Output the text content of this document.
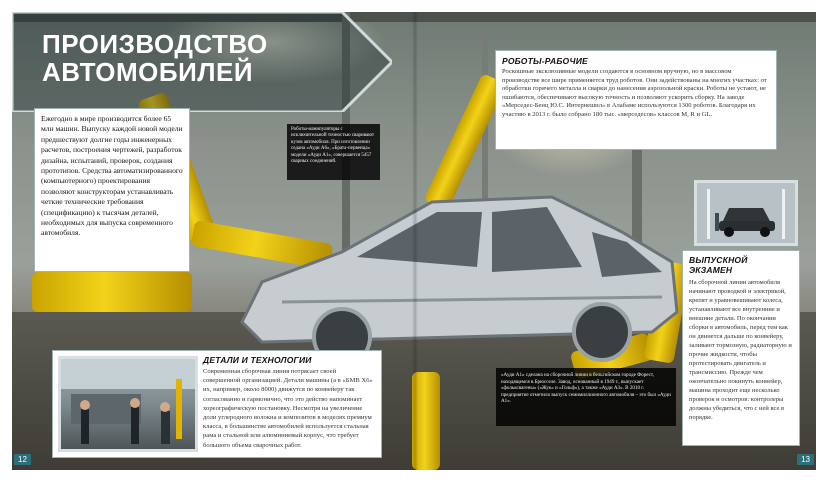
ПРОИЗВОДСТВО
АВТОМОБИЛЕЙ
Ежегодно в мире производится более 65 млн машин. Выпуску каждой новой модели предшествуют долгие годы инженерных расчетов, построения чертежей, разработок дизайна, испытаний, проверок, создания прототипов. Средства автоматизированного (компьютерного) проектирования позволяют конструкторам устанавливать четкие технические требования (спецификацию) к тысячам деталей, необходимых для выпуска современного автомобиля.
Роботы-манипуляторы с исключительной точностью сваривают кузов автомобиля. При изготовлении седана «Ауди А6», «Брата-первенца» модели «Ауди А1», совершается 5457 сварных соединений.
РОБОТЫ-РАБОЧИЕ
Роскошные эксклюзивные модели создаются в основном вручную, но в массовом производстве все шире применяется труд роботов. Они задействованы на многих участках: от обработки горячего металла и сварки до нанесения аэрозольной краски. Роботы не устают, не ошибаются, обеспечивают высокую точность и позволяют ускорить сборку. На заводе «Мерседес-Бенц Ю.С. Интернешнл» в Алабаме используются 1300 роботов. Благодаря их участию в 2013 г. было собрано 180 тыс. «мерседесов» классов M, R и GL.
ВЫПУСКНОЙ ЭКЗАМЕН
На сборочной линии автомобиля начинают проводкой и электрикой, крепят и уравновешивают колеса, устанавливают все внутренние и внешние детали. По окончании сборки в автомобиль, перед тем как он двинется дальше по конвейеру, заливают тормозную, радиаторную и прочие жидкости, чтобы протестировать двигатель и трансмиссию. Прежде чем окончательно покинуть конвейер, машина проходит еще несколько проверок и осмотров: контролеры должны убедиться, что с ней все в порядке.
ДЕТАЛИ И ТЕХНОЛОГИИ
Современная сборочная линия потрясает своей совершенной организацией. Детали машины (а в «БМВ Х6» их, например, около 8000) движутся по конвейеру так согласованно и гармонично, что это действо напоминает хореографическую постановку. Несмотря на увеличение доли углеродного волокна и композитов в моделях премиум класса, в большинстве автомобилей используется стальная рама и стальной или алюминиевый корпус, что требует большого объема сварочных работ.
«Ауди А1» сделана на сборочной линии в бельгийском городе Форест, находящемся в Брюсселе. Завод, основанный в 1949 г., выпускает «фольксвагены» («Жук» и «Гольф»), а также «Ауди А3». В 2010 г. предприятие отметило выпуск семимиллионного автомобиля – это был «Ауди А1».
12	13
